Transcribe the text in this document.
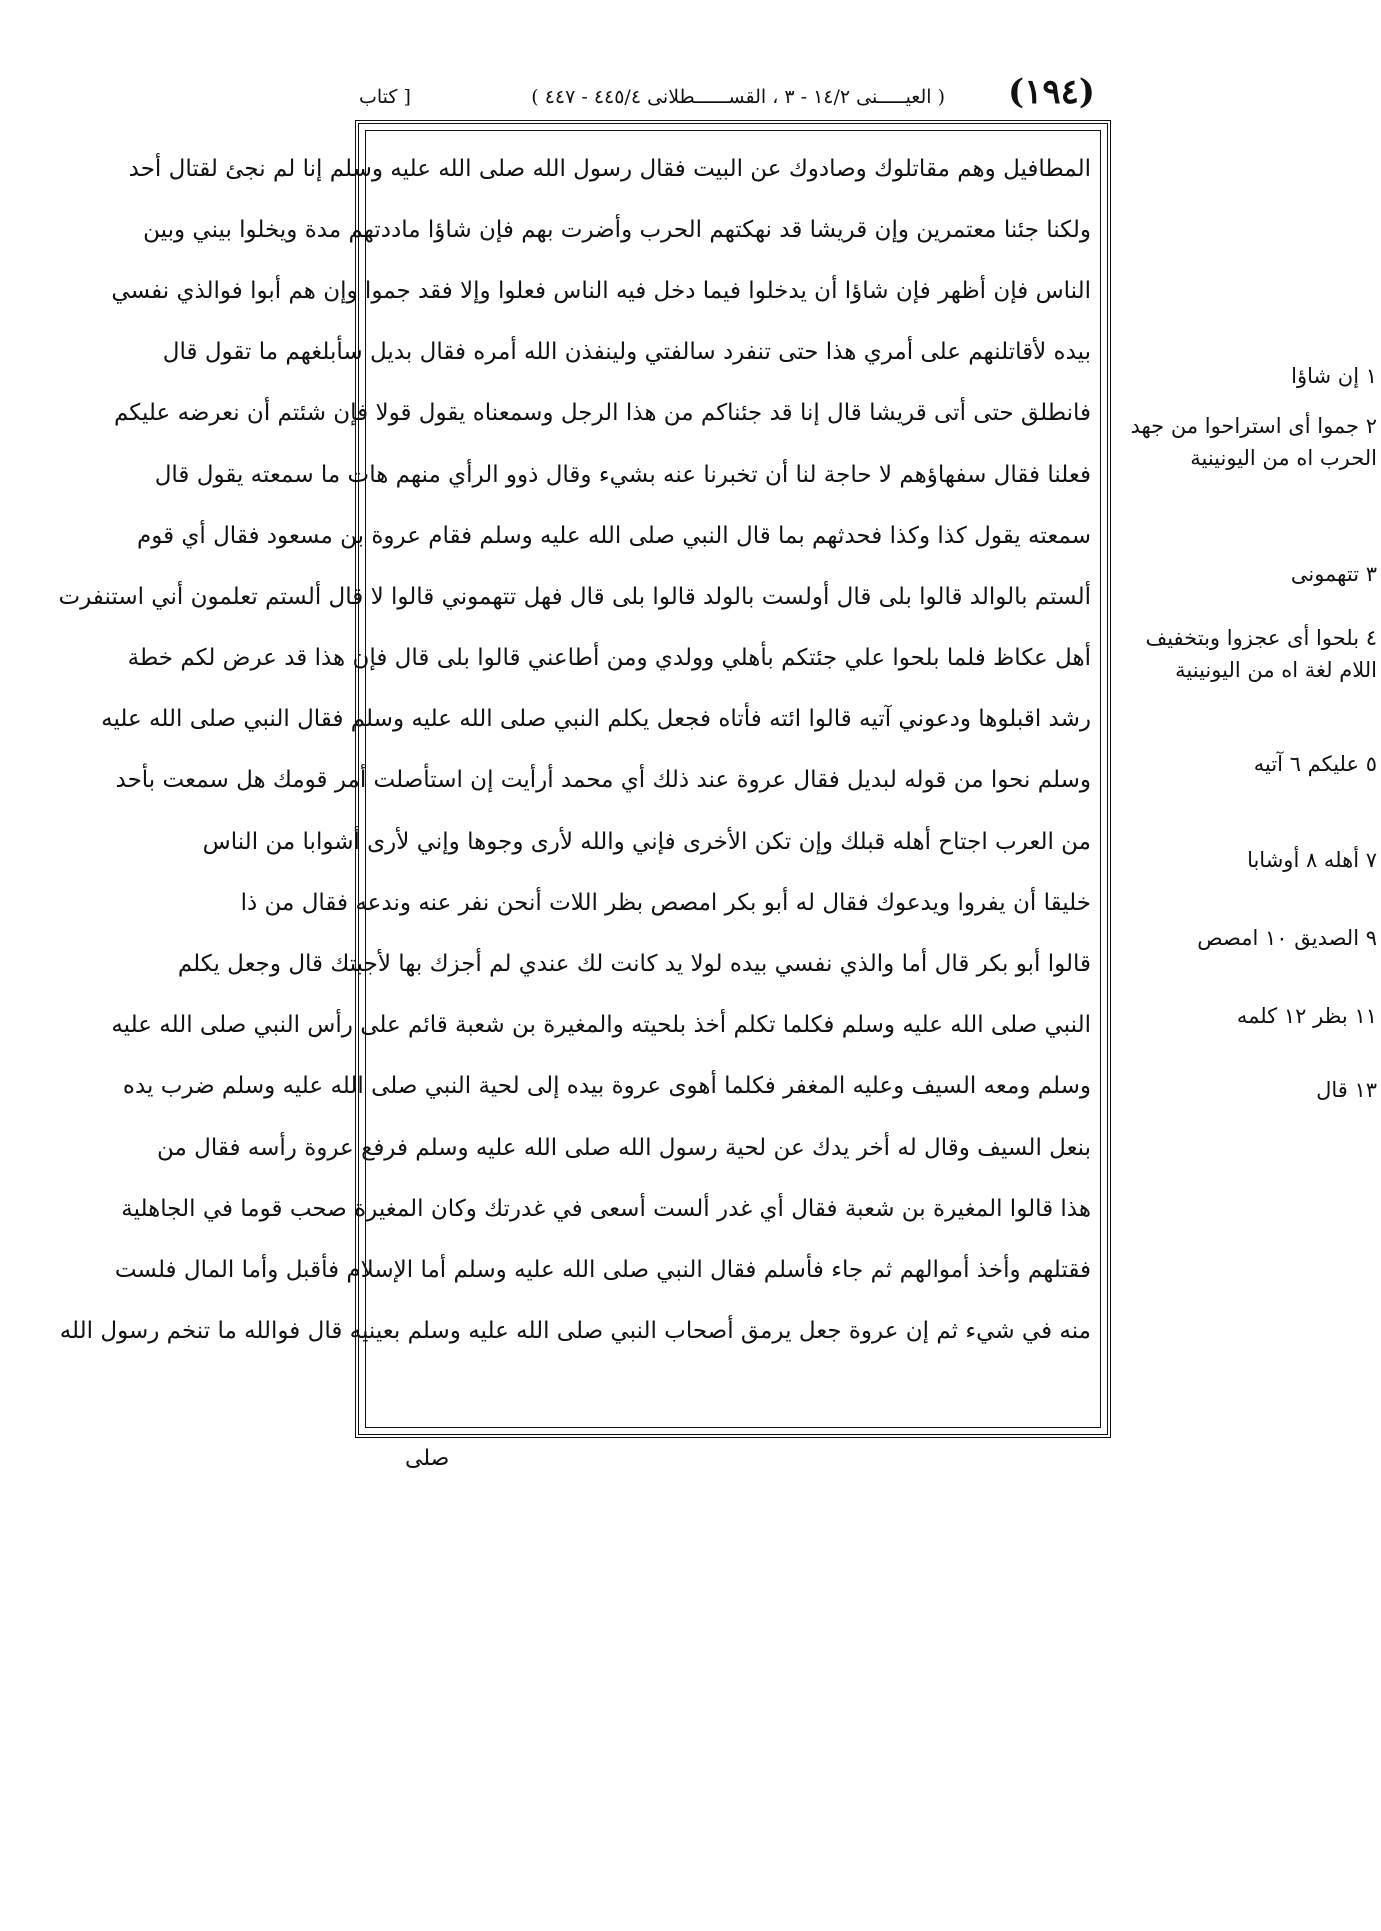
(١٩٤)
( العيـــــنى ١٤/٢ - ٣ ، القســــــطلانى ٤٤٥/٤ - ٤٤٧ )
[ كتاب
المطافيل وهم مقاتلوك وصادوك عن البيت فقال رسول الله صلى الله عليه وسلم إنا لم نجئ لقتال أحد
ولكنا جئنا معتمرين وإن قريشا قد نهكتهم الحرب وأضرت بهم فإن شاؤا ماددتهم مدة ويخلوا بيني وبين
الناس فإن أظهر فإن شاؤا أن يدخلوا فيما دخل فيه الناس فعلوا وإلا فقد جموا وإن هم أبوا فوالذي نفسي
بيده لأقاتلنهم على أمري هذا حتى تنفرد سالفتي ولينفذن الله أمره فقال بديل سأبلغهم ما تقول قال
فانطلق حتى أتى قريشا قال إنا قد جئناكم من هذا الرجل وسمعناه يقول قولا فإن شئتم أن نعرضه عليكم
فعلنا فقال سفهاؤهم لا حاجة لنا أن تخبرنا عنه بشيء وقال ذوو الرأي منهم هات ما سمعته يقول قال
سمعته يقول كذا وكذا فحدثهم بما قال النبي صلى الله عليه وسلم فقام عروة بن مسعود فقال أي قوم
ألستم بالوالد قالوا بلى قال أولست بالولد قالوا بلى قال فهل تتهموني قالوا لا قال ألستم تعلمون أني استنفرت
أهل عكاظ فلما بلحوا علي جئتكم بأهلي وولدي ومن أطاعني قالوا بلى قال فإن هذا قد عرض لكم خطة
رشد اقبلوها ودعوني آتيه قالوا ائته فأتاه فجعل يكلم النبي صلى الله عليه وسلم فقال النبي صلى الله عليه
وسلم نحوا من قوله لبديل فقال عروة عند ذلك أي محمد أرأيت إن استأصلت أمر قومك هل سمعت بأحد
من العرب اجتاح أهله قبلك وإن تكن الأخرى فإني والله لأرى وجوها وإني لأرى أشوابا من الناس
خليقا أن يفروا ويدعوك فقال له أبو بكر امصص بظر اللات أنحن نفر عنه وندعه فقال من ذا
قالوا أبو بكر قال أما والذي نفسي بيده لولا يد كانت لك عندي لم أجزك بها لأجبتك قال وجعل يكلم
النبي صلى الله عليه وسلم فكلما تكلم أخذ بلحيته والمغيرة بن شعبة قائم على رأس النبي صلى الله عليه
وسلم ومعه السيف وعليه المغفر فكلما أهوى عروة بيده إلى لحية النبي صلى الله عليه وسلم ضرب يده
بنعل السيف وقال له أخر يدك عن لحية رسول الله صلى الله عليه وسلم فرفع عروة رأسه فقال من
هذا قالوا المغيرة بن شعبة فقال أي غدر ألست أسعى في غدرتك وكان المغيرة صحب قوما في الجاهلية
فقتلهم وأخذ أموالهم ثم جاء فأسلم فقال النبي صلى الله عليه وسلم أما الإسلام فأقبل وأما المال فلست
منه في شيء ثم إن عروة جعل يرمق أصحاب النبي صلى الله عليه وسلم بعينيه قال فوالله ما تنخم رسول الله
صلى
١ إن شاؤا
٢ جموا أى استراحوا من جهد الحرب اه من اليونينية
٣ تتهمونى
٤ بلحوا أى عجزوا وبتخفيف اللام لغة اه من اليونينية
٥ عليكم ٦ آتيه
٧ أهله ٨ أوشابا
٩ الصديق ١٠ امصص
١١ بظر ١٢ كلمه
١٣ قال
